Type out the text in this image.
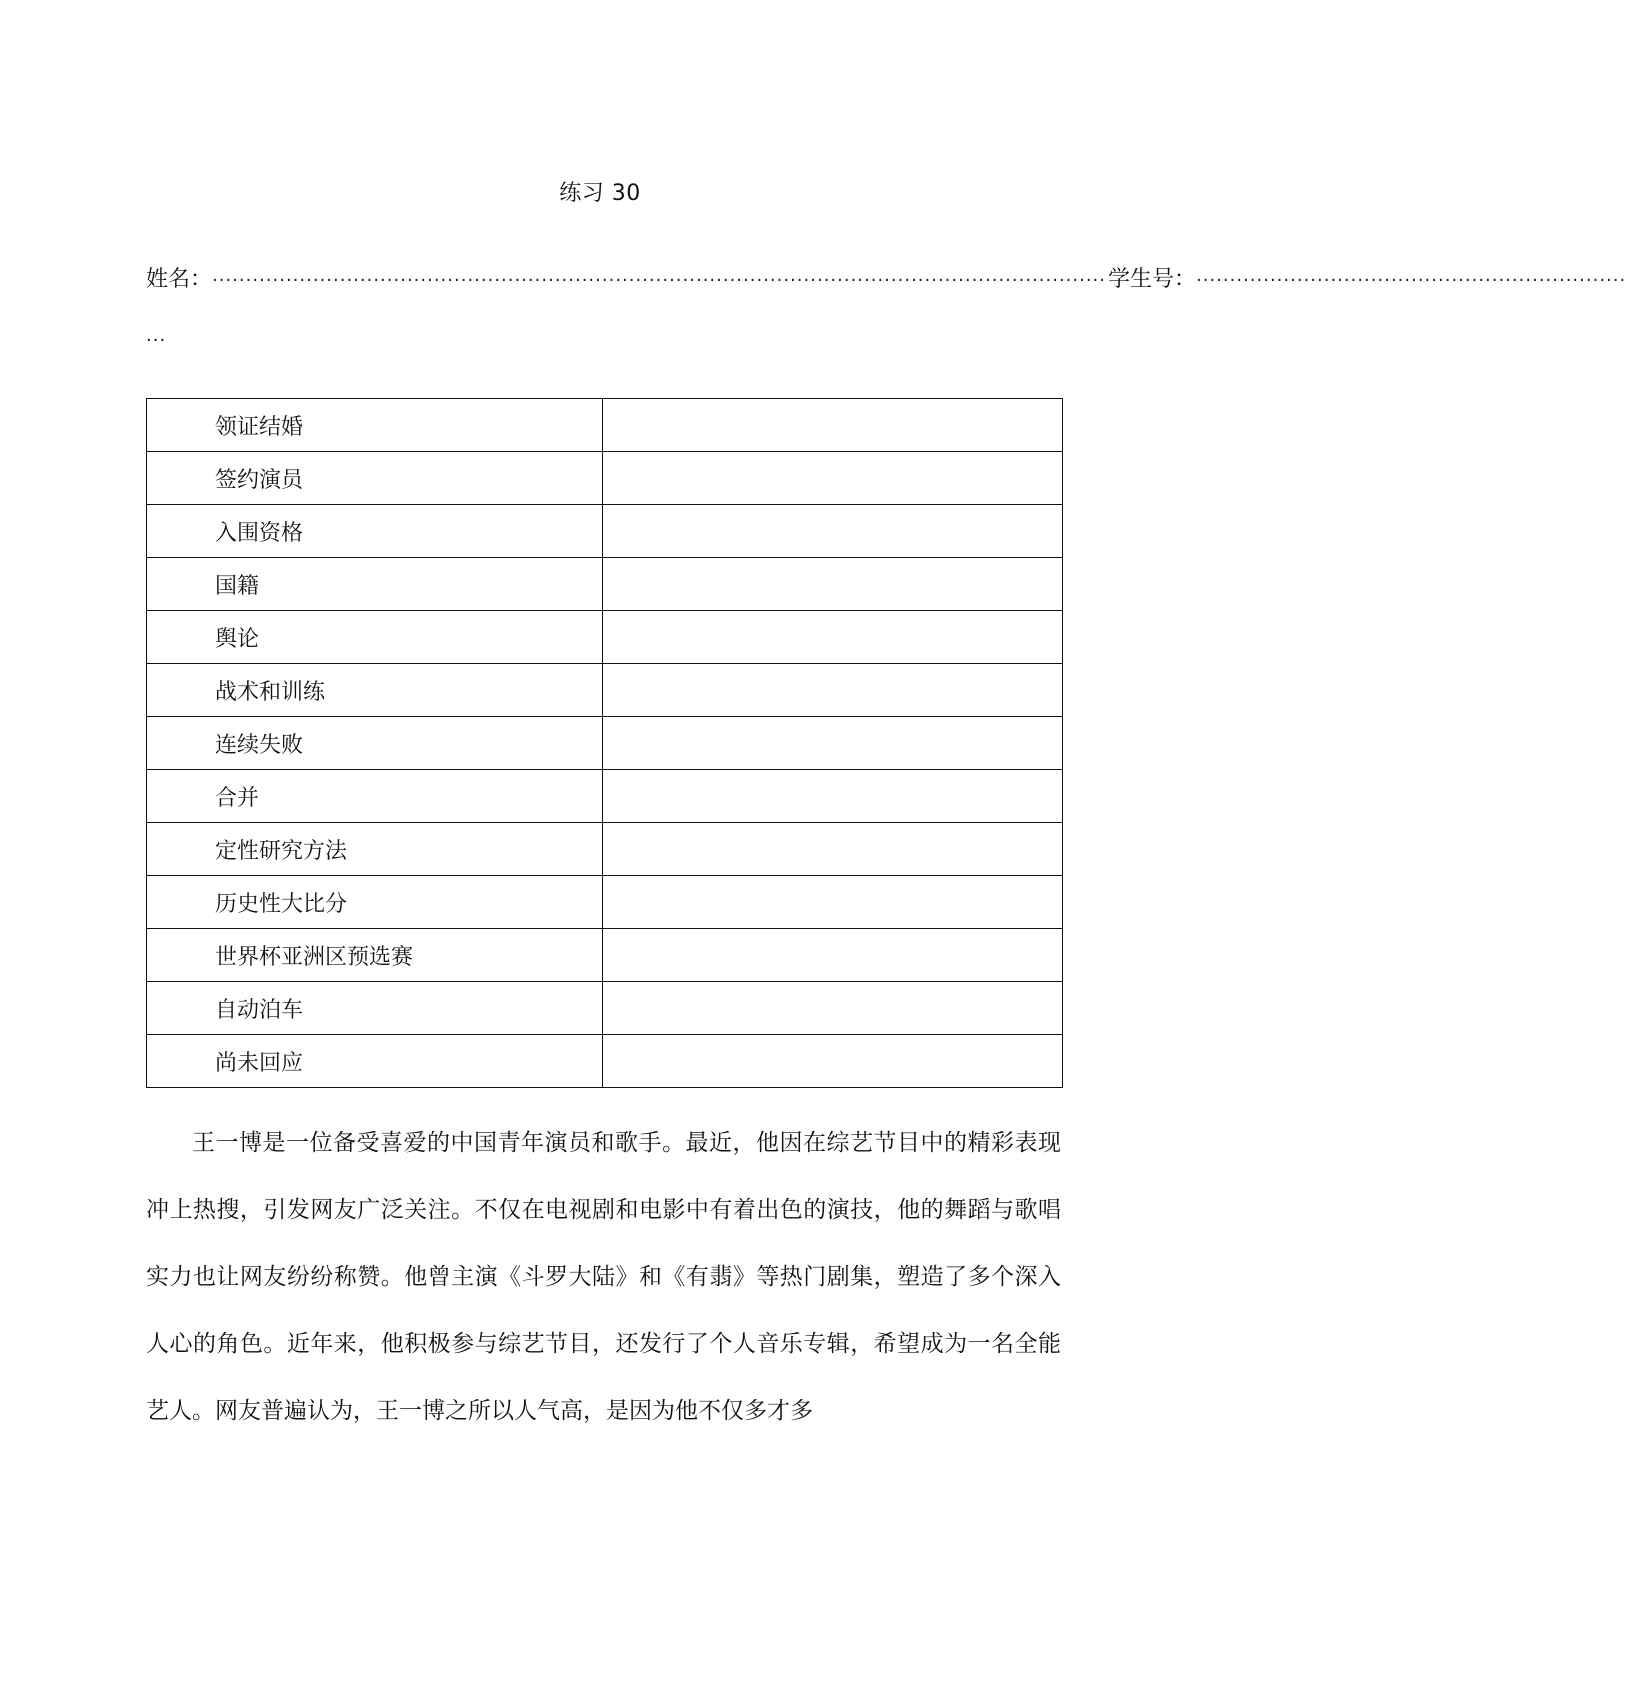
练习 30
姓名： ····································································································································· 学生号： ································································
···
领证结婚	
签约演员	
入围资格	
国籍	
舆论	
战术和训练	
连续失败	
合并	
定性研究方法	
历史性大比分	
世界杯亚洲区预选赛	
自动泊车	
尚未回应	

王一博是一位备受喜爱的中国青年演员和歌手。最近，他因在综艺节目中的精彩表现冲上热搜，引发网友广泛关注。不仅在电视剧和电影中有着出色的演技，他的舞蹈与歌唱实力也让网友纷纷称赞。他曾主演《斗罗大陆》和《有翡》等热门剧集，塑造了多个深入人心的角色。近年来，他积极参与综艺节目，还发行了个人音乐专辑，希望成为一名全能艺人。网友普遍认为，王一博之所以人气高，是因为他不仅多才多
